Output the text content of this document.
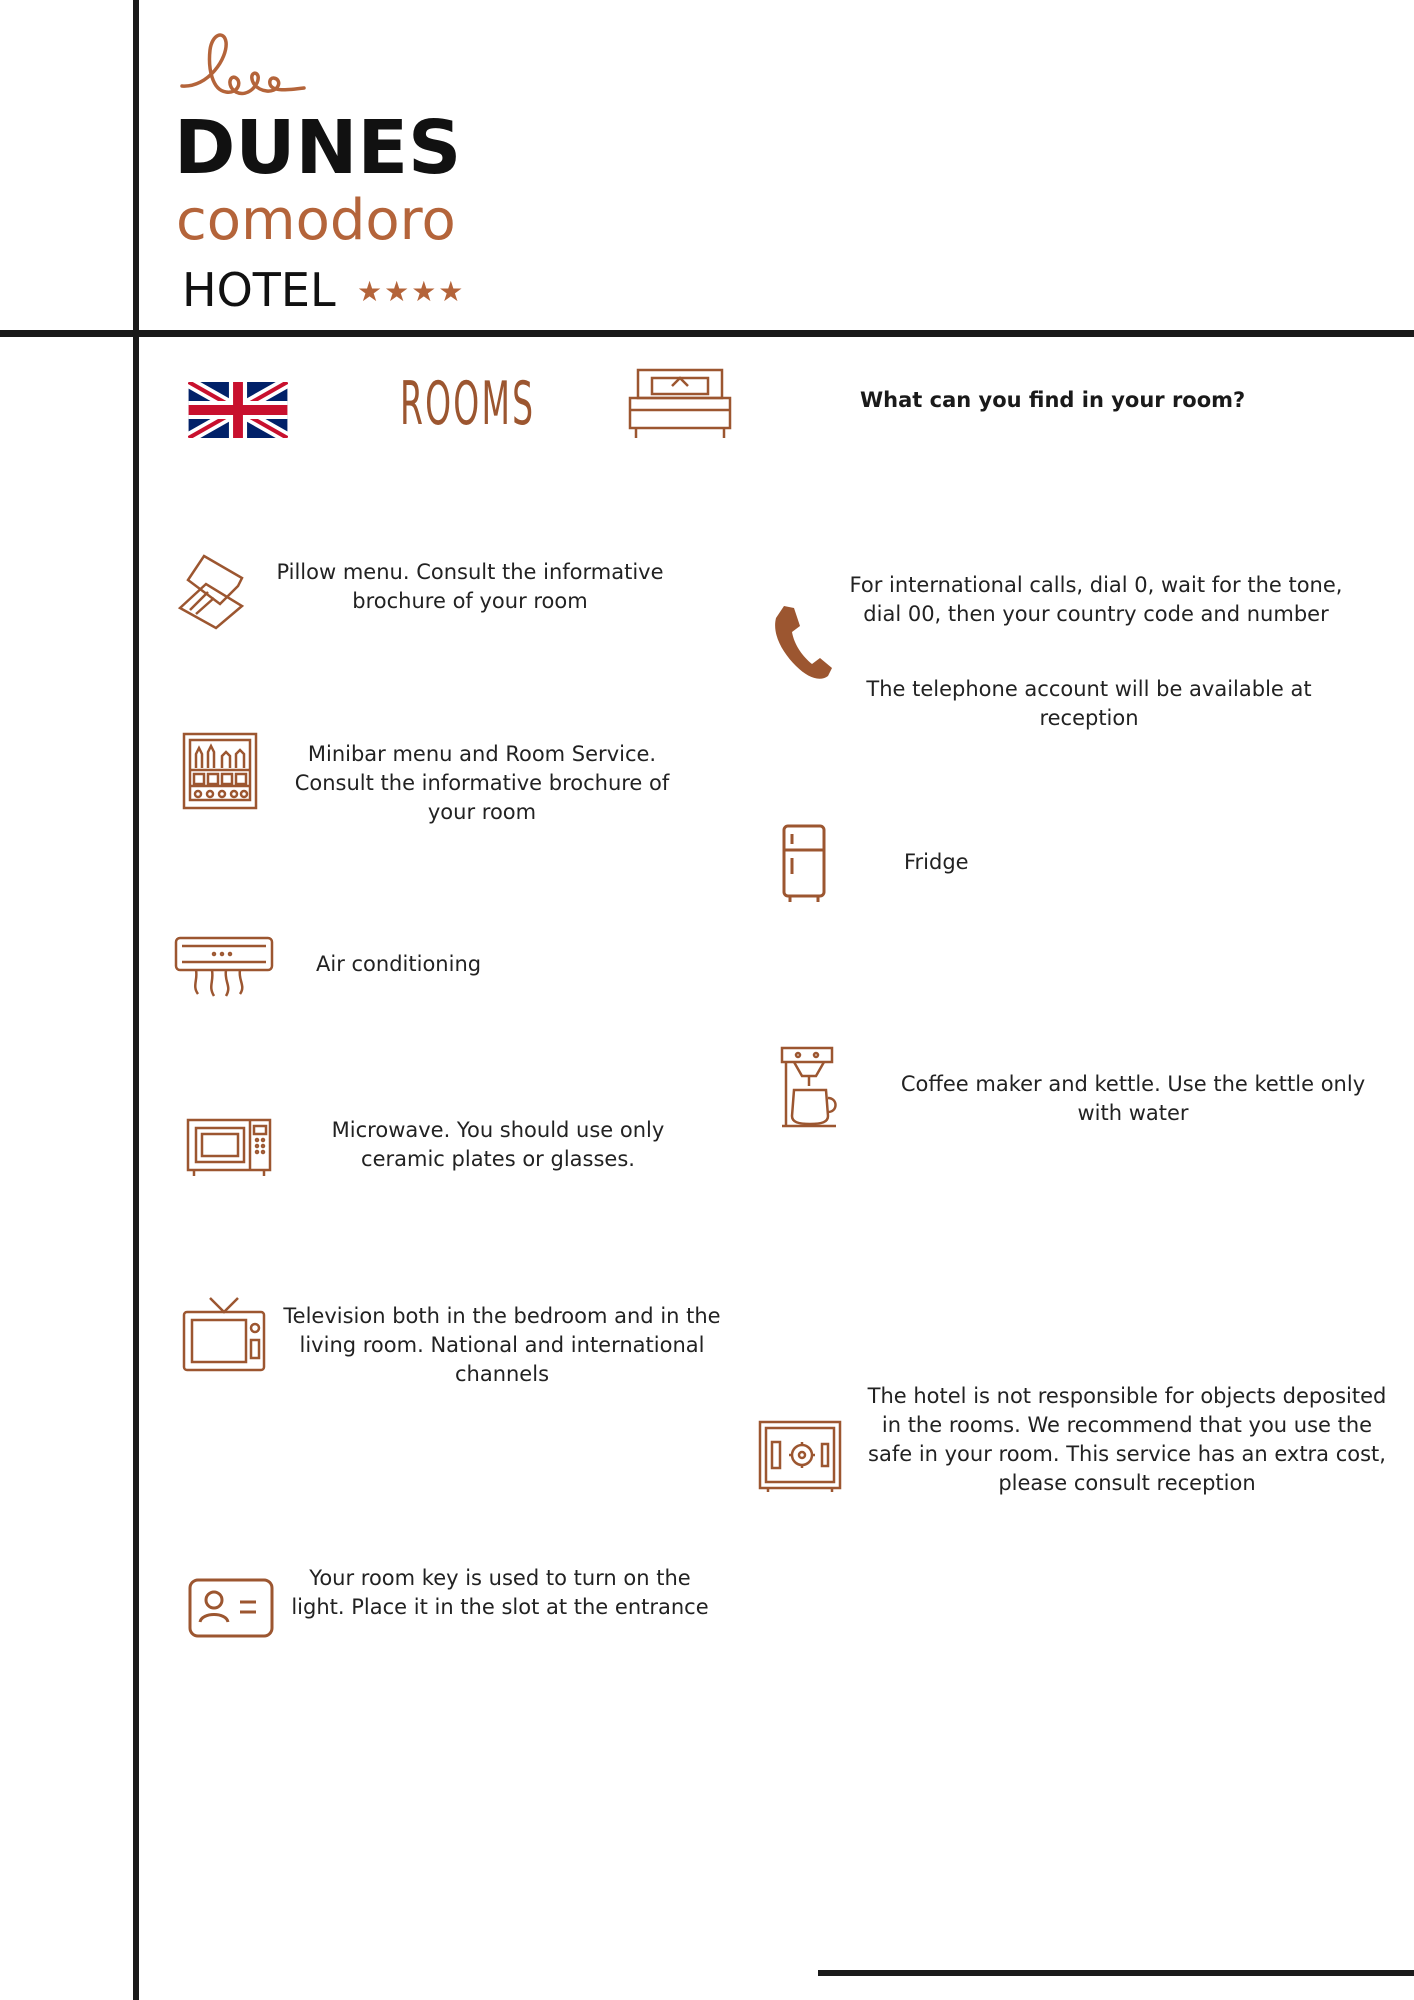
DUNES
comodoro
HOTEL ★★★★
ROOMS	What can you find in your room?
Pillow menu. Consult the informative brochure of your room
Minibar menu and Room Service. Consult the informative brochure of your room
Air conditioning
Microwave. You should use only ceramic plates or glasses.
Television both in the bedroom and in the living room. National and international channels
Your room key is used to turn on the light. Place it in the slot at the entrance
For international calls, dial 0, wait for the tone, dial 00, then your country code and number
The telephone account will be available at reception
Fridge
Coffee maker and kettle. Use the kettle only with water
The hotel is not responsible for objects deposited in the rooms. We recommend that you use the safe in your room. This service has an extra cost, please consult reception
